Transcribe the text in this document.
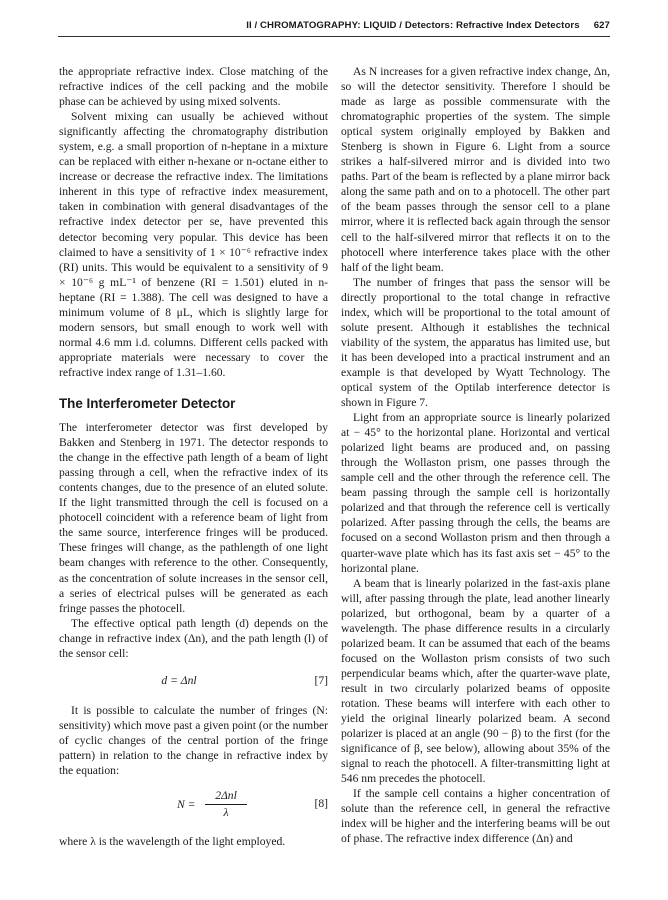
II / CHROMATOGRAPHY: LIQUID / Detectors: Refractive Index Detectors 627

the appropriate refractive index. Close matching of the refractive indices of the cell packing and the mobile phase can be achieved by using mixed solvents.

Solvent mixing can usually be achieved without significantly affecting the chromatography distribution system, e.g. a small proportion of n-heptane in a mixture can be replaced with either n-hexane or n-octane either to increase or decrease the refractive index. The limitations inherent in this type of refractive index measurement, taken in combination with general disadvantages of the refractive index detector per se, have prevented this detector becoming very popular. This device has been claimed to have a sensitivity of 1 × 10⁻⁶ refractive index (RI) units. This would be equivalent to a sensitivity of 9 × 10⁻⁶ g mL⁻¹ of benzene (RI = 1.501) eluted in n-heptane (RI = 1.388). The cell was designed to have a minimum volume of 8 μL, which is slightly large for modern sensors, but small enough to work well with normal 4.6 mm i.d. columns. Different cells packed with appropriate materials were necessary to cover the refractive index range of 1.31–1.60.

The Interferometer Detector

The interferometer detector was first developed by Bakken and Stenberg in 1971. The detector responds to the change in the effective path length of a beam of light passing through a cell, when the refractive index of its contents changes, due to the presence of an eluted solute. If the light transmitted through the cell is focused on a photocell coincident with a reference beam of light from the same source, interference fringes will be produced. These fringes will change, as the pathlength of one light beam changes with reference to the other. Consequently, as the concentration of solute increases in the sensor cell, a series of electrical pulses will be generated as each fringe passes the photocell.

The effective optical path length (d) depends on the change in refractive index (Δn), and the path length (l) of the sensor cell:

d = Δnl	[7]

It is possible to calculate the number of fringes (N: sensitivity) which move past a given point (or the number of cyclic changes of the central portion of the fringe pattern) in relation to the change in refractive index by the equation:

N =
2Δnl
λ
[8]

where λ is the wavelength of the light employed.

As N increases for a given refractive index change, Δn, so will the detector sensitivity. Therefore l should be made as large as possible commensurate with the chromatographic properties of the system. The simple optical system originally employed by Bakken and Stenberg is shown in Figure 6. Light from a source strikes a half-silvered mirror and is divided into two paths. Part of the beam is reflected by a plane mirror back along the same path and on to a photocell. The other part of the beam passes through the sensor cell to a plane mirror, where it is reflected back again through the sensor cell to the half-silvered mirror that reflects it on to the photocell where interference takes place with the other half of the light beam.

The number of fringes that pass the sensor will be directly proportional to the total change in refractive index, which will be proportional to the total amount of solute present. Although it establishes the technical viability of the system, the apparatus has limited use, but it has been developed into a practical instrument and an example is that developed by Wyatt Technology. The optical system of the Optilab interference detector is shown in Figure 7.

Light from an appropriate source is linearly polarized at − 45° to the horizontal plane. Horizontal and vertical polarized light beams are produced and, on passing through the Wollaston prism, one passes through the sample cell and the other through the reference cell. The beam passing through the sample cell is horizontally polarized and that through the reference cell is vertically polarized. After passing through the cells, the beams are focused on a second Wollaston prism and then through a quarter-wave plate which has its fast axis set − 45° to the horizontal plane.

A beam that is linearly polarized in the fast-axis plane will, after passing through the plate, lead another linearly polarized, but orthogonal, beam by a quarter of a wavelength. The phase difference results in a circularly polarized beam. It can be assumed that each of the beams focused on the Wollaston prism consists of two such perpendicular beams which, after the quarter-wave plate, result in two circularly polarized beams of opposite rotation. These beams will interfere with each other to yield the original linearly polarized beam. A second polarizer is placed at an angle (90 − β) to the first (for the significance of β, see below), allowing about 35% of the signal to reach the photocell. A filter-transmitting light at 546 nm precedes the photocell.

If the sample cell contains a higher concentration of solute than the reference cell, in general the refractive index will be higher and the interfering beams will be out of phase. The refractive index difference (Δn) and
